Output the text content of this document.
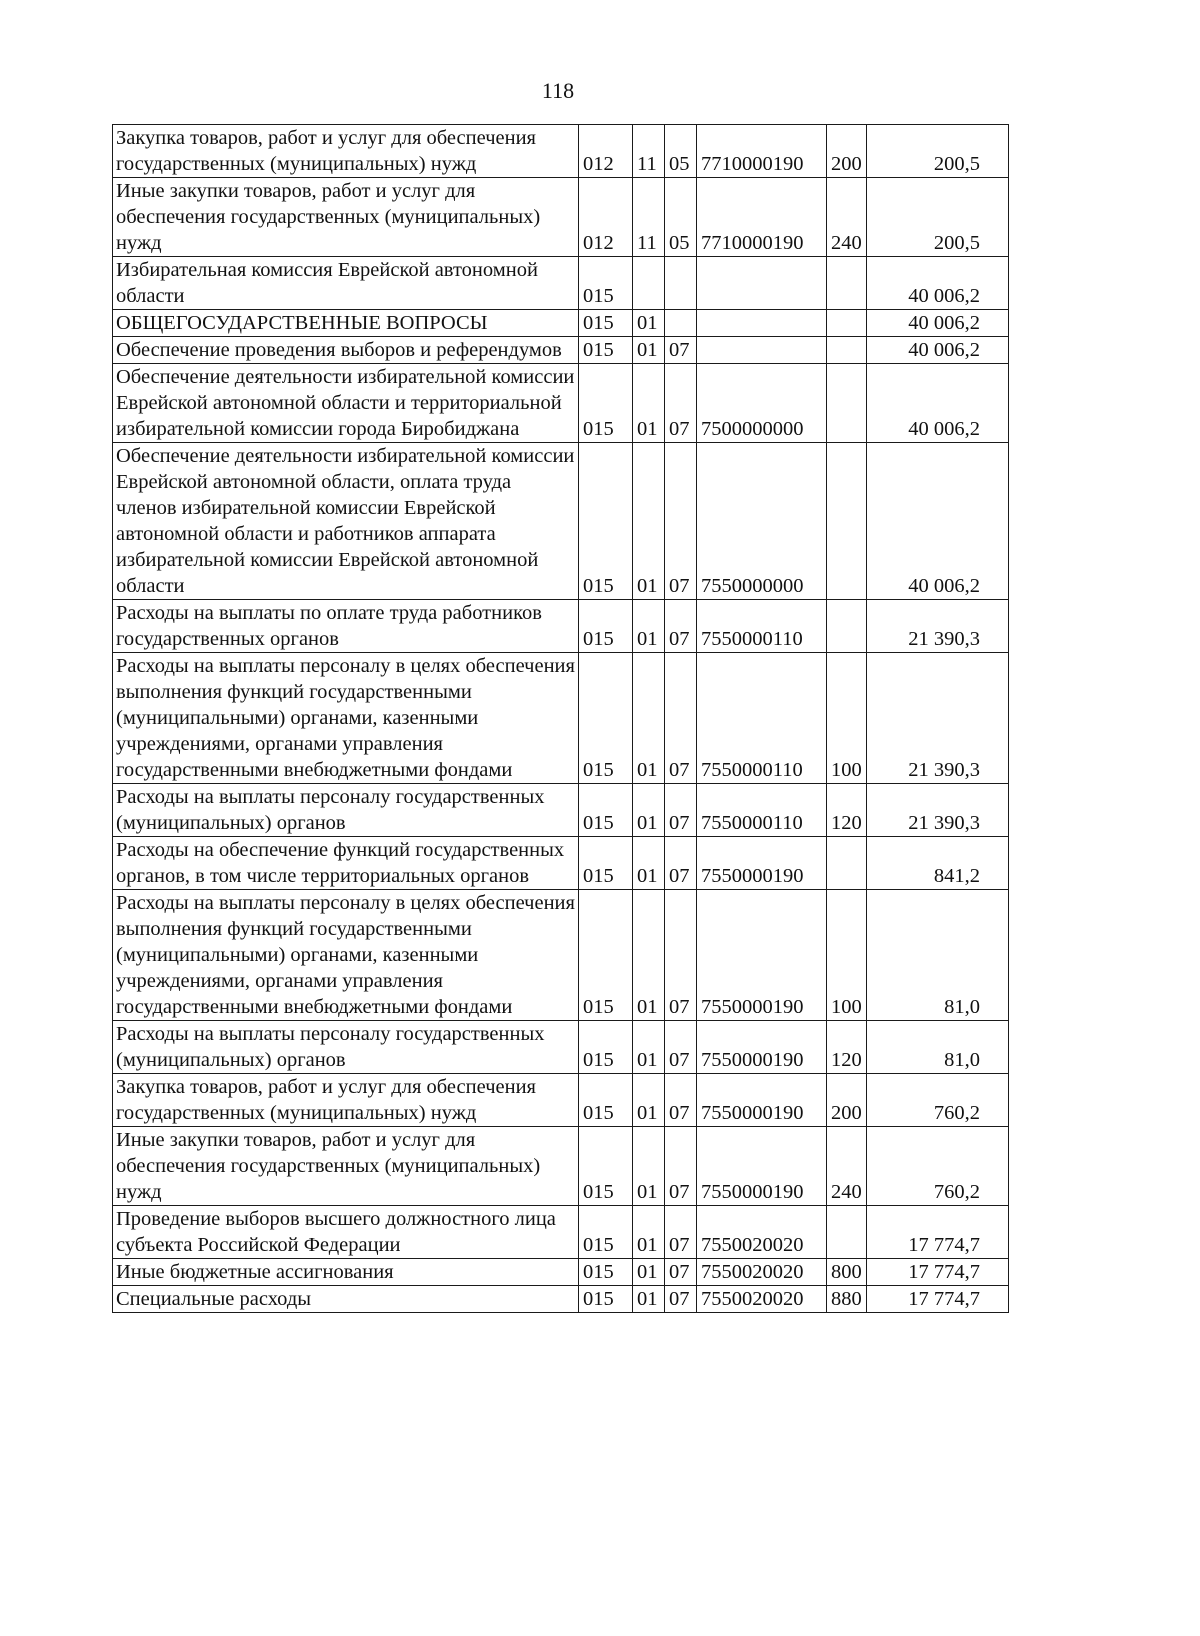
118
Закупка товаров, работ и услуг для обеспечения государственных (муниципальных) нужд	012	11	05	7710000190	200	200,5
Иные закупки товаров, работ и услуг для обеспечения государственных (муниципальных) нужд	012	11	05	7710000190	240	200,5
Избирательная комиссия Еврейской автономной области	015					40 006,2
ОБЩЕГОСУДАРСТВЕННЫЕ ВОПРОСЫ	015	01				40 006,2
Обеспечение проведения выборов и референдумов	015	01	07			40 006,2
Обеспечение деятельности избирательной комиссии Еврейской автономной области и территориальной избирательной комиссии города Биробиджана	015	01	07	7500000000		40 006,2
Обеспечение деятельности избирательной комиссии Еврейской автономной области, оплата труда членов избирательной комиссии Еврейской автономной области и работников аппарата избирательной комиссии Еврейской автономной области	015	01	07	7550000000		40 006,2
Расходы на выплаты по оплате труда работников государственных органов	015	01	07	7550000110		21 390,3
Расходы на выплаты персоналу в целях обеспечения выполнения функций государственными (муниципальными) органами, казенными учреждениями, органами управления государственными внебюджетными фондами	015	01	07	7550000110	100	21 390,3
Расходы на выплаты персоналу государственных (муниципальных) органов	015	01	07	7550000110	120	21 390,3
Расходы на обеспечение функций государственных органов, в том числе территориальных органов	015	01	07	7550000190		841,2
Расходы на выплаты персоналу в целях обеспечения выполнения функций государственными (муниципальными) органами, казенными учреждениями, органами управления государственными внебюджетными фондами	015	01	07	7550000190	100	81,0
Расходы на выплаты персоналу государственных (муниципальных) органов	015	01	07	7550000190	120	81,0
Закупка товаров, работ и услуг для обеспечения государственных (муниципальных) нужд	015	01	07	7550000190	200	760,2
Иные закупки товаров, работ и услуг для обеспечения государственных (муниципальных) нужд	015	01	07	7550000190	240	760,2
Проведение выборов высшего должностного лица субъекта Российской Федерации	015	01	07	7550020020		17 774,7
Иные бюджетные ассигнования	015	01	07	7550020020	800	17 774,7
Специальные расходы	015	01	07	7550020020	880	17 774,7
